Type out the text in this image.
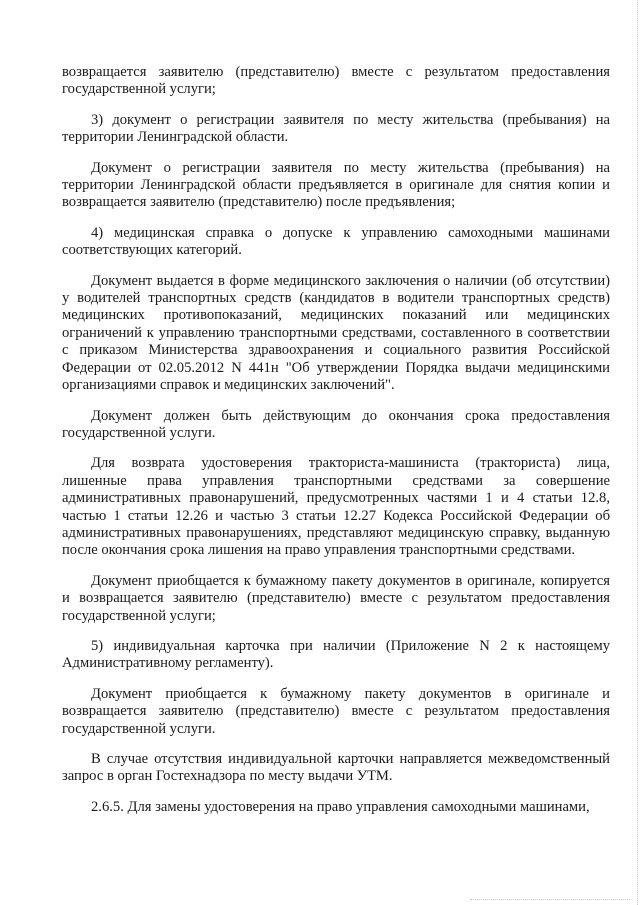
возвращается заявителю (представителю) вместе с результатом предоставления государственной услуги;

3) документ о регистрации заявителя по месту жительства (пребывания) на территории Ленинградской области.

Документ о регистрации заявителя по месту жительства (пребывания) на территории Ленинградской области предъявляется в оригинале для снятия копии и возвращается заявителю (представителю) после предъявления;

4) медицинская справка о допуске к управлению самоходными машинами соответствующих категорий.

Документ выдается в форме медицинского заключения о наличии (об отсутствии) у водителей транспортных средств (кандидатов в водители транспортных средств) медицинских противопоказаний, медицинских показаний или медицинских ограничений к управлению транспортными средствами, составленного в соответствии с приказом Министерства здравоохранения и социального развития Российской Федерации от 02.05.2012 N 441н "Об утверждении Порядка выдачи медицинскими организациями справок и медицинских заключений".

Документ должен быть действующим до окончания срока предоставления государственной услуги.

Для возврата удостоверения тракториста-машиниста (тракториста) лица, лишенные права управления транспортными средствами за совершение административных правонарушений, предусмотренных частями 1 и 4 статьи 12.8, частью 1 статьи 12.26 и частью 3 статьи 12.27 Кодекса Российской Федерации об административных правонарушениях, представляют медицинскую справку, выданную после окончания срока лишения на право управления транспортными средствами.

Документ приобщается к бумажному пакету документов в оригинале, копируется и возвращается заявителю (представителю) вместе с результатом предоставления государственной услуги;

5) индивидуальная карточка при наличии (Приложение N 2 к настоящему Административному регламенту).

Документ приобщается к бумажному пакету документов в оригинале и возвращается заявителю (представителю) вместе с результатом предоставления государственной услуги.

В случае отсутствия индивидуальной карточки направляется межведомственный запрос в орган Гостехнадзора по месту выдачи УТМ.

2.6.5. Для замены удостоверения на право управления самоходными машинами,
